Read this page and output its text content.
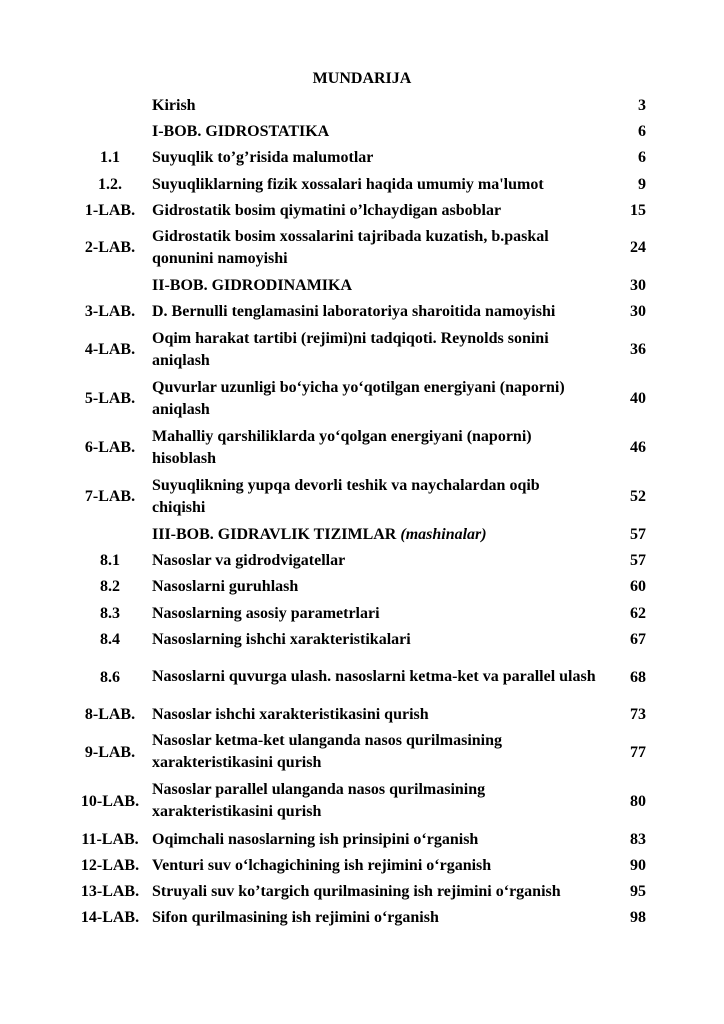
MUNDARIJA
	Kirish	3
	I-BOB. GIDROSTATIKA	6
1.1	Suyuqlik to’g’risida malumotlar	6
1.2.	Suyuqliklarning fizik xossalari haqida umumiy ma'lumot	9
1-LAB.	Gidrostatik bosim qiymatini o’lchaydigan asboblar	15
2-LAB.	Gidrostatik bosim xossalarini tajribada kuzatish, b.paskal qonunini namoyishi	24
	II-BOB. GIDRODINAMIKA	30
3-LAB.	D. Bernulli tenglamasini laboratoriya sharoitida namoyishi	30
4-LAB.	Oqim harakat tartibi (rejimi)ni tadqiqoti. Reynolds sonini aniqlash	36
5-LAB.	Quvurlar uzunligi bo‘yicha yo‘qotilgan energiyani (naporni) aniqlash	40
6-LAB.	Mahalliy qarshiliklarda yo‘qolgan energiyani (naporni) hisoblash	46
7-LAB.	Suyuqlikning yupqa devorli teshik va naychalardan oqib chiqishi	52
	III-BOB. GIDRAVLIK TIZIMLAR (mashinalar)	57
8.1	Nasoslar va gidrodvigatellar	57
8.2	Nasoslarni guruhlash	60
8.3	Nasoslarning asosiy parametrlari	62
8.4	Nasoslarning ishchi xarakteristikalari	67
8.6	Nasoslarni quvurga ulash. nasoslarni ketma-ket va parallel ulash	68
8-LAB.	Nasoslar ishchi xarakteristikasini qurish	73
9-LAB.	Nasoslar ketma-ket ulanganda nasos qurilmasining xarakteristikasini qurish	77
10-LAB.	Nasoslar parallel ulanganda nasos qurilmasining xarakteristikasini qurish	80
11-LAB.	Oqimchali nasoslarning ish prinsipini o‘rganish	83
12-LAB.	Venturi suv o‘lchagichining ish rejimini o‘rganish	90
13-LAB.	Struyali suv ko’targich qurilmasining ish rejimini o‘rganish	95
14-LAB.	Sifon qurilmasining ish rejimini o‘rganish	98
